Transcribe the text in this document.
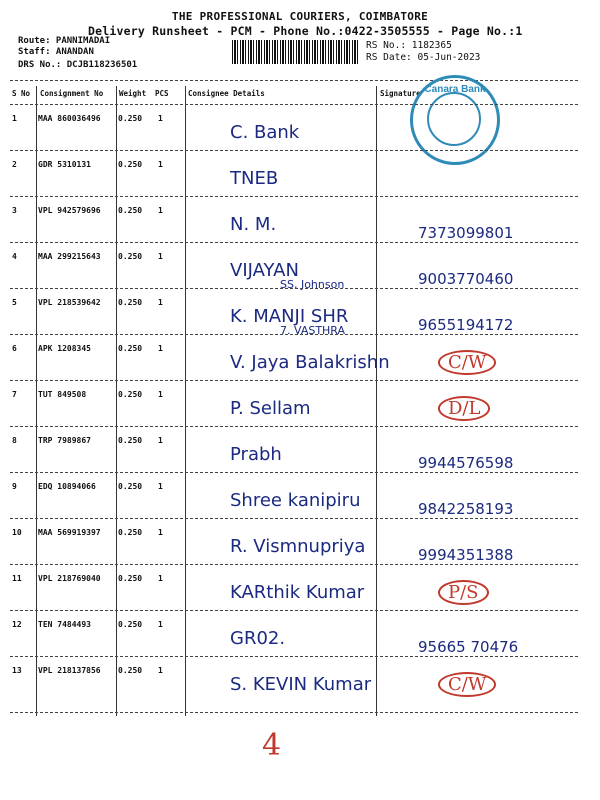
THE PROFESSIONAL COURIERS, COIMBATORE
Delivery Runsheet - PCM - Phone No.:0422-3505555 - Page No.:1
Route: PANNIMADAI
Staff: ANANDAN
DRS No.: DCJB118236501
RS No.: 1182365
RS Date: 05-Jun-2023
S No Consignment No Weight PCS	Consignee Details	Signature Canara Bank
1	MAA 860036496 0.250 1
C. Bank
2	GDR 5310131	0.250 1
TNEB
3	VPL 942579696 0.250 1
N. M.	7373099801
4	MAA 299215643 0.250 1
VIJAYAN
SS, Johnson	9003770460
5	VPL 218539642 0.250 1
K. MANJI SHR
7. VASTHRA	9655194172
6	APK 1208345	0.250 1
V. Jaya Balakrishn	C/W
7	TUT 849508	0.250 1
P. Sellam	D/L
8	TRP 7989867	0.250 1
Prabh	9944576598
9	EDQ 10894066	0.250 1
Shree kanipiru	9842258193
10 MAA 569919397 0.250 1
R. Vismnupriya	9994351388
11 VPL 218769040 0.250 1
KARthik Kumar	P/S
12 TEN 7484493	0.250 1
GR02.	95665 70476
13 VPL 218137856 0.250 1
S. KEVIN Kumar	C/W
4
